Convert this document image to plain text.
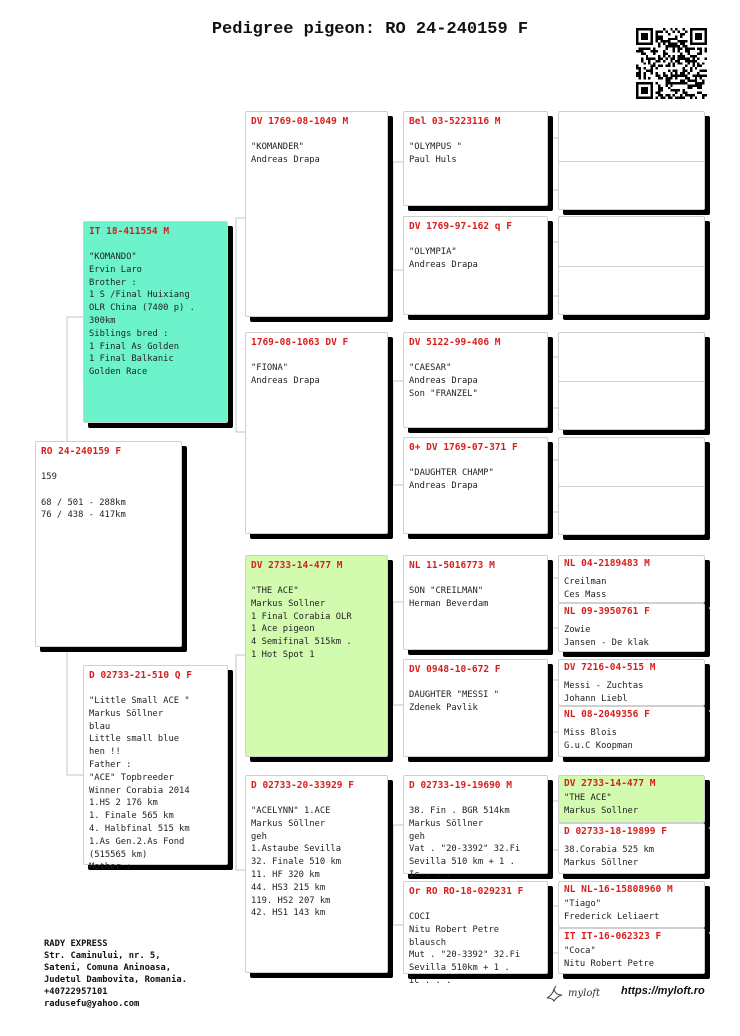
Pedigree pigeon: RO 24-240159 F
RO 24-240159 F
159

68 / 501 - 288km
76 / 438 - 417km
IT 18-411554 M
"KOMANDO"
Ervin Laro
Brother :
1 S /Final Huixiang
OLR China (7400 p) .
300km
Siblings bred :
1 Final As Golden
1 Final Balkanic
Golden Race
D 02733-21-510 Q F
"Little Small ACE "
Markus Söllner
blau
Little small blue
hen !!
Father :
"ACE" Topbreeder
Winner Corabia 2014
1.HS 2 176 km
1. Finale 565 km
4. Halbfinal 515 km
1.As Gen.2.As Fond
(515565 km)
Mother :
DV 1769-08-1049 M
"KOMANDER"
Andreas Drapa
1769-08-1063 DV F
"FIONA"
Andreas Drapa
DV 2733-14-477 M
"THE ACE"
Markus Sollner
1 Final Corabia OLR
1 Ace pigeon
4 Semifinal 515km .
1 Hot Spot 1
D 02733-20-33929 F
"ACELYNN" 1.ACE
Markus Söllner
geh
1.Astaube Sevilla
32. Finale 510 km
11. HF 320 km
44. HS3 215 km
119. HS2 207 km
42. HS1 143 km
Bel 03-5223116 M
"OLYMPUS "
Paul Huls
DV 1769-97-162 q F
"OLYMPIA"
Andreas Drapa
DV 5122-99-406 M
"CAESAR"
Andreas Drapa
Son "FRANZEL"
0+ DV 1769-07-371 F
"DAUGHTER CHAMP"
Andreas Drapa
NL 11-5016773 M
SON "CREILMAN"
Herman Beverdam
DV 0948-10-672 F
DAUGHTER "MESSI "
Zdenek Pavlik
D 02733-19-19690 M
38. Fin . BGR 514km
Markus Söllner
geh
Vat . "20-3392" 32.Fi
Sevilla 510 km + 1 .
Ic . . .
Or RO RO-18-029231 F
COCI
Nitu Robert Petre
blausch
Mut . "20-3392" 32.Fi
Sevilla 510km + 1 .
Ic . . .
NL 04-2189483 M
Creilman
Ces Mass
NL 09-3950761 F
Zowie
Jansen - De klak
DV 7216-04-515 M
Messi - Zuchtas
Johann Liebl
NL 08-2049356 F
Miss Blois
G.u.C Koopman
DV 2733-14-477 M
"THE ACE"
Markus Sollner
D 02733-18-19899 F
38.Corabia 525 km
Markus Söllner
NL NL-16-15808960 M
"Tiago"
Frederick Leliaert
IT IT-16-062323 F
"Coca"
Nitu Robert Petre
RADY EXPRESS
Str. Caminului, nr. 5,
Sateni, Comuna Aninoasa,
Judetul Dambovita, Romania.
+40722957101
radusefu@yahoo.com
myloft https://myloft.ro
